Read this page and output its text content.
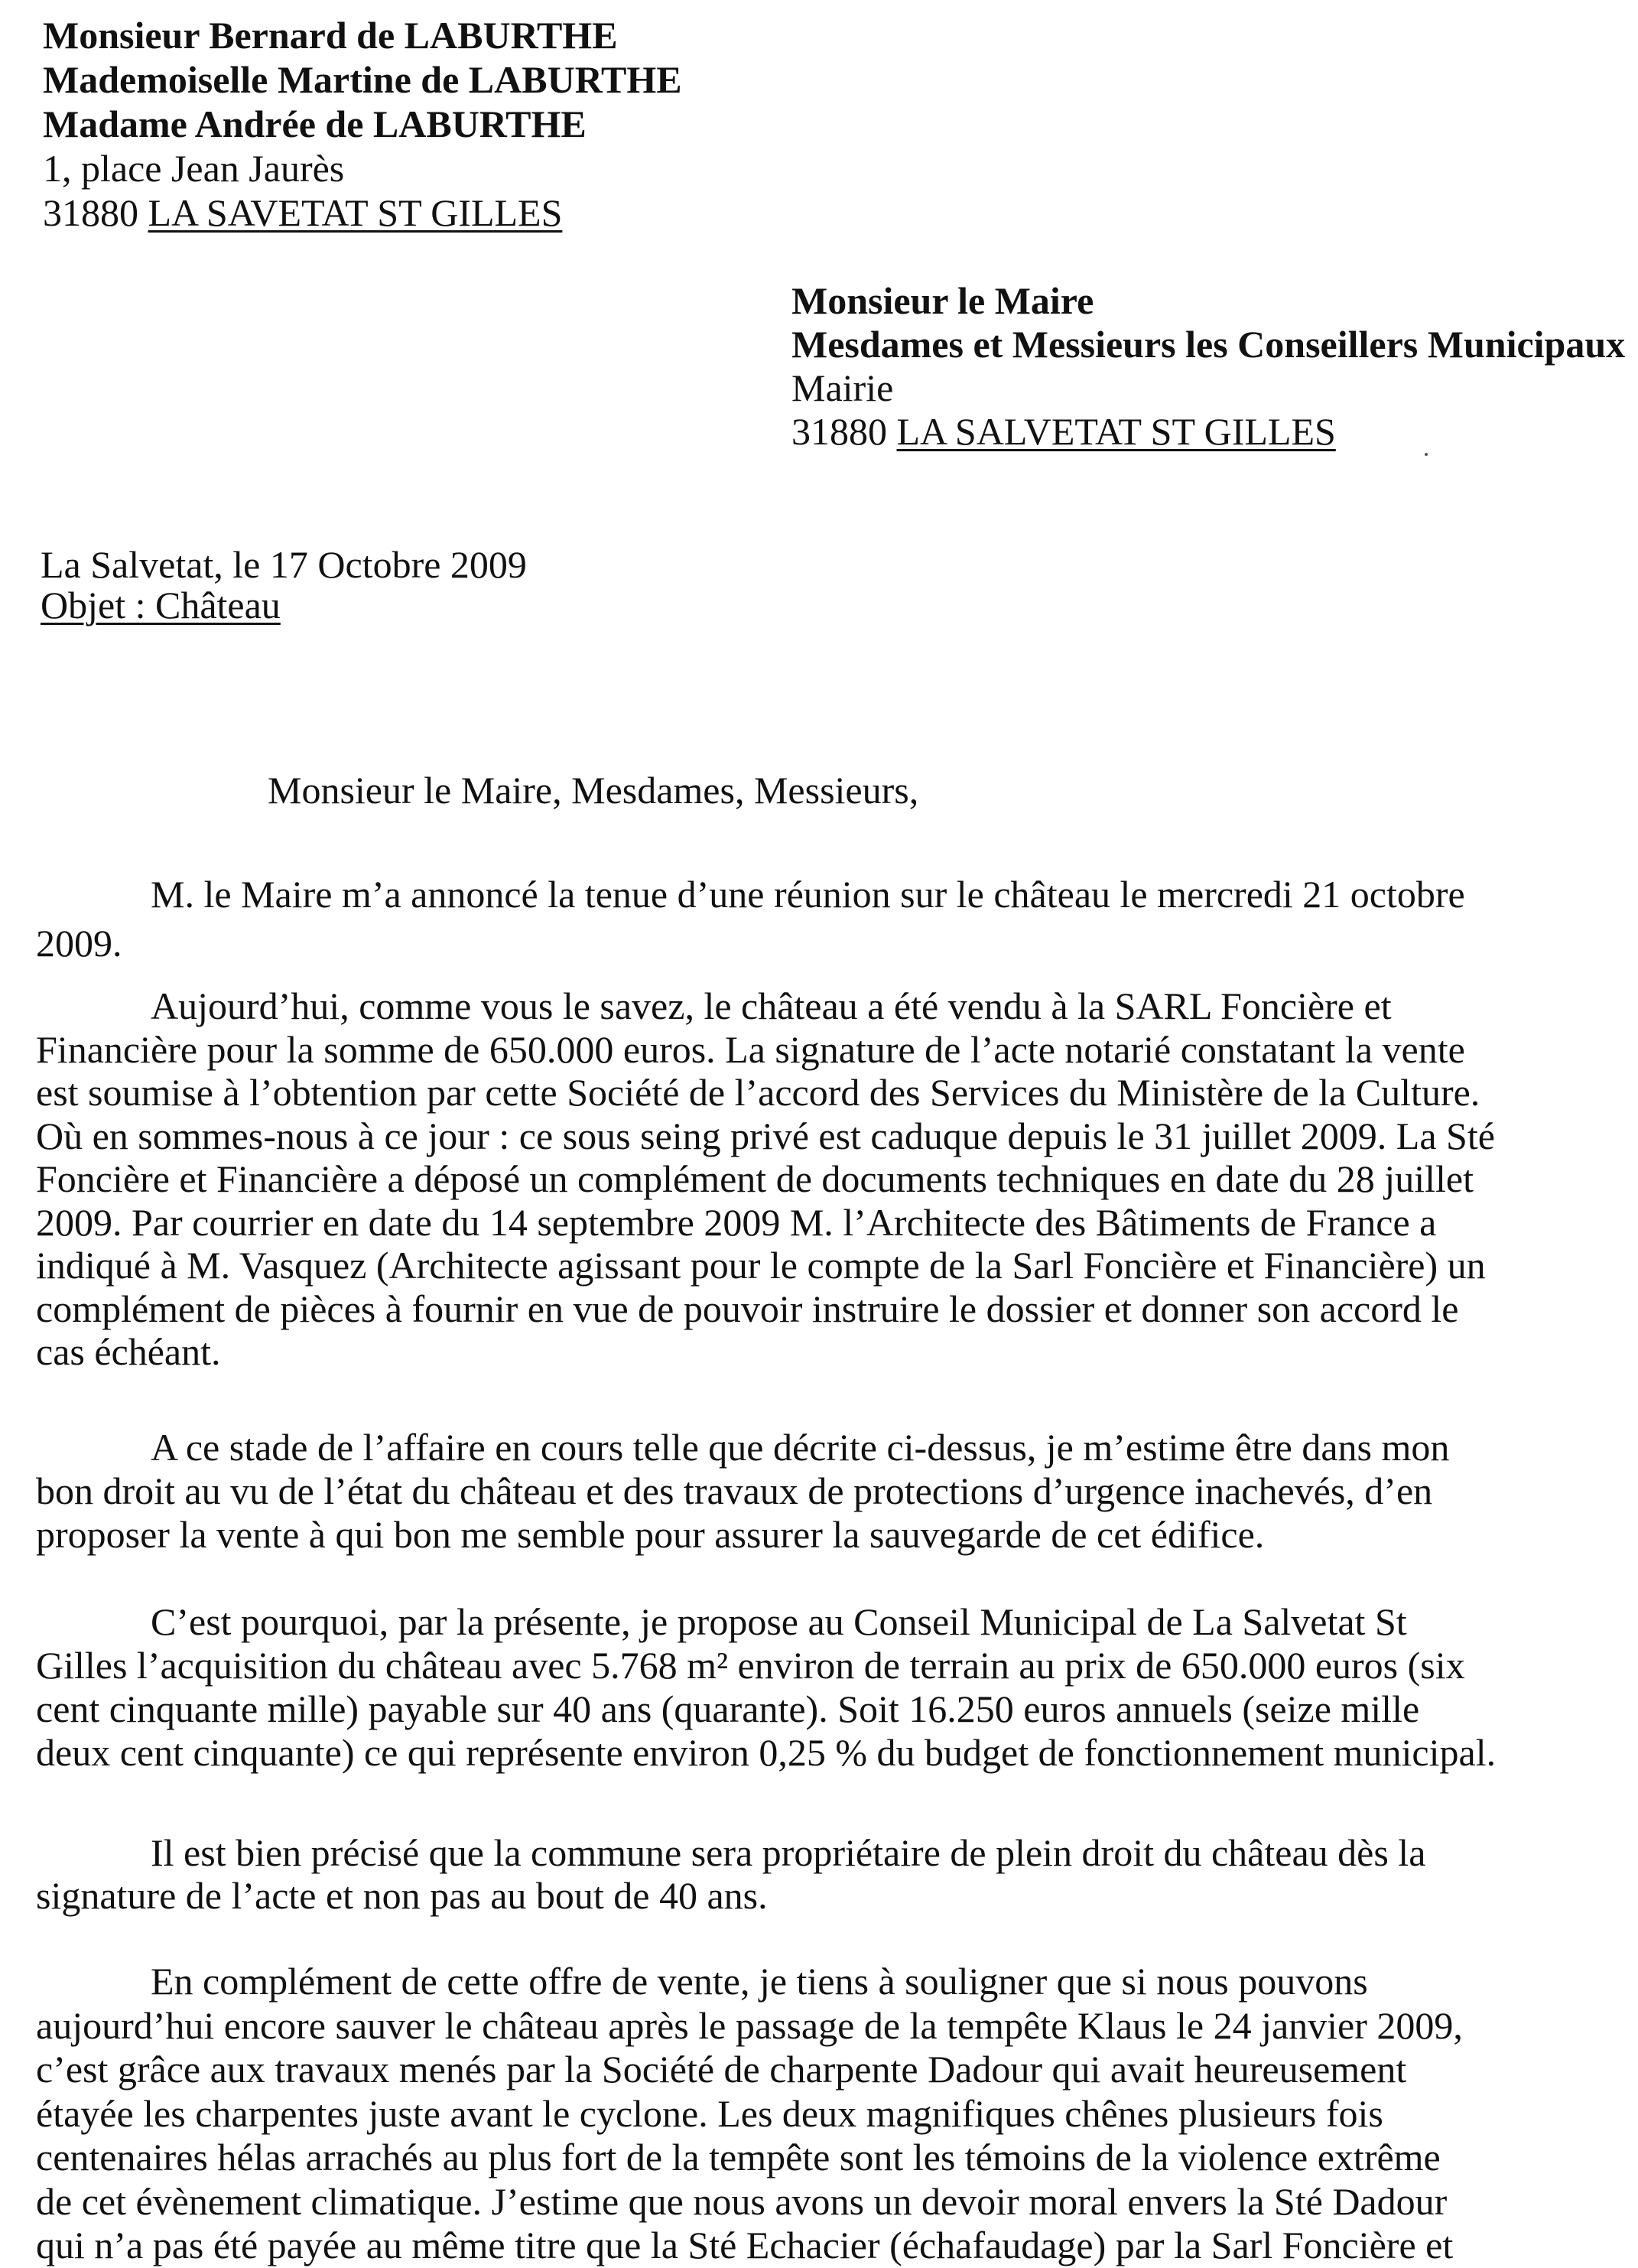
Monsieur Bernard de LABURTHE
Mademoiselle Martine de LABURTHE
Madame Andrée de LABURTHE
1, place Jean Jaurès
31880 LA SAVETAT ST GILLES
Monsieur le Maire
Mesdames et Messieurs les Conseillers Municipaux
Mairie
31880 LA SALVETAT ST GILLES
La Salvetat, le 17 Octobre 2009
Objet : Château
Monsieur le Maire, Mesdames, Messieurs,
M. le Maire m’a annoncé la tenue d’une réunion sur le château le mercredi 21 octobre
2009.
Aujourd’hui, comme vous le savez, le château a été vendu à la SARL Foncière et
Financière pour la somme de 650.000 euros. La signature de l’acte notarié constatant la vente
est soumise à l’obtention par cette Société de l’accord des Services du Ministère de la Culture.
Où en sommes-nous à ce jour : ce sous seing privé est caduque depuis le 31 juillet 2009. La Sté
Foncière et Financière a déposé un complément de documents techniques en date du 28 juillet
2009. Par courrier en date du 14 septembre 2009 M. l’Architecte des Bâtiments de France a
indiqué à M. Vasquez (Architecte agissant pour le compte de la Sarl Foncière et Financière) un
complément de pièces à fournir en vue de pouvoir instruire le dossier et donner son accord le
cas échéant.
A ce stade de l’affaire en cours telle que décrite ci-dessus, je m’estime être dans mon
bon droit au vu de l’état du château et des travaux de protections d’urgence inachevés, d’en
proposer la vente à qui bon me semble pour assurer la sauvegarde de cet édifice.
C’est pourquoi, par la présente, je propose au Conseil Municipal de La Salvetat St
Gilles l’acquisition du château avec 5.768 m² environ de terrain au prix de 650.000 euros (six
cent cinquante mille) payable sur 40 ans (quarante). Soit 16.250 euros annuels (seize mille
deux cent cinquante) ce qui représente environ 0,25 % du budget de fonctionnement municipal.
Il est bien précisé que la commune sera propriétaire de plein droit du château dès la
signature de l’acte et non pas au bout de 40 ans.
En complément de cette offre de vente, je tiens à souligner que si nous pouvons
aujourd’hui encore sauver le château après le passage de la tempête Klaus le 24 janvier 2009,
c’est grâce aux travaux menés par la Société de charpente Dadour qui avait heureusement
étayée les charpentes juste avant le cyclone. Les deux magnifiques chênes plusieurs fois
centenaires hélas arrachés au plus fort de la tempête sont les témoins de la violence extrême
de cet évènement climatique. J’estime que nous avons un devoir moral envers la Sté Dadour
qui n’a pas été payée au même titre que la Sté Echacier (échafaudage) par la Sarl Foncière et
